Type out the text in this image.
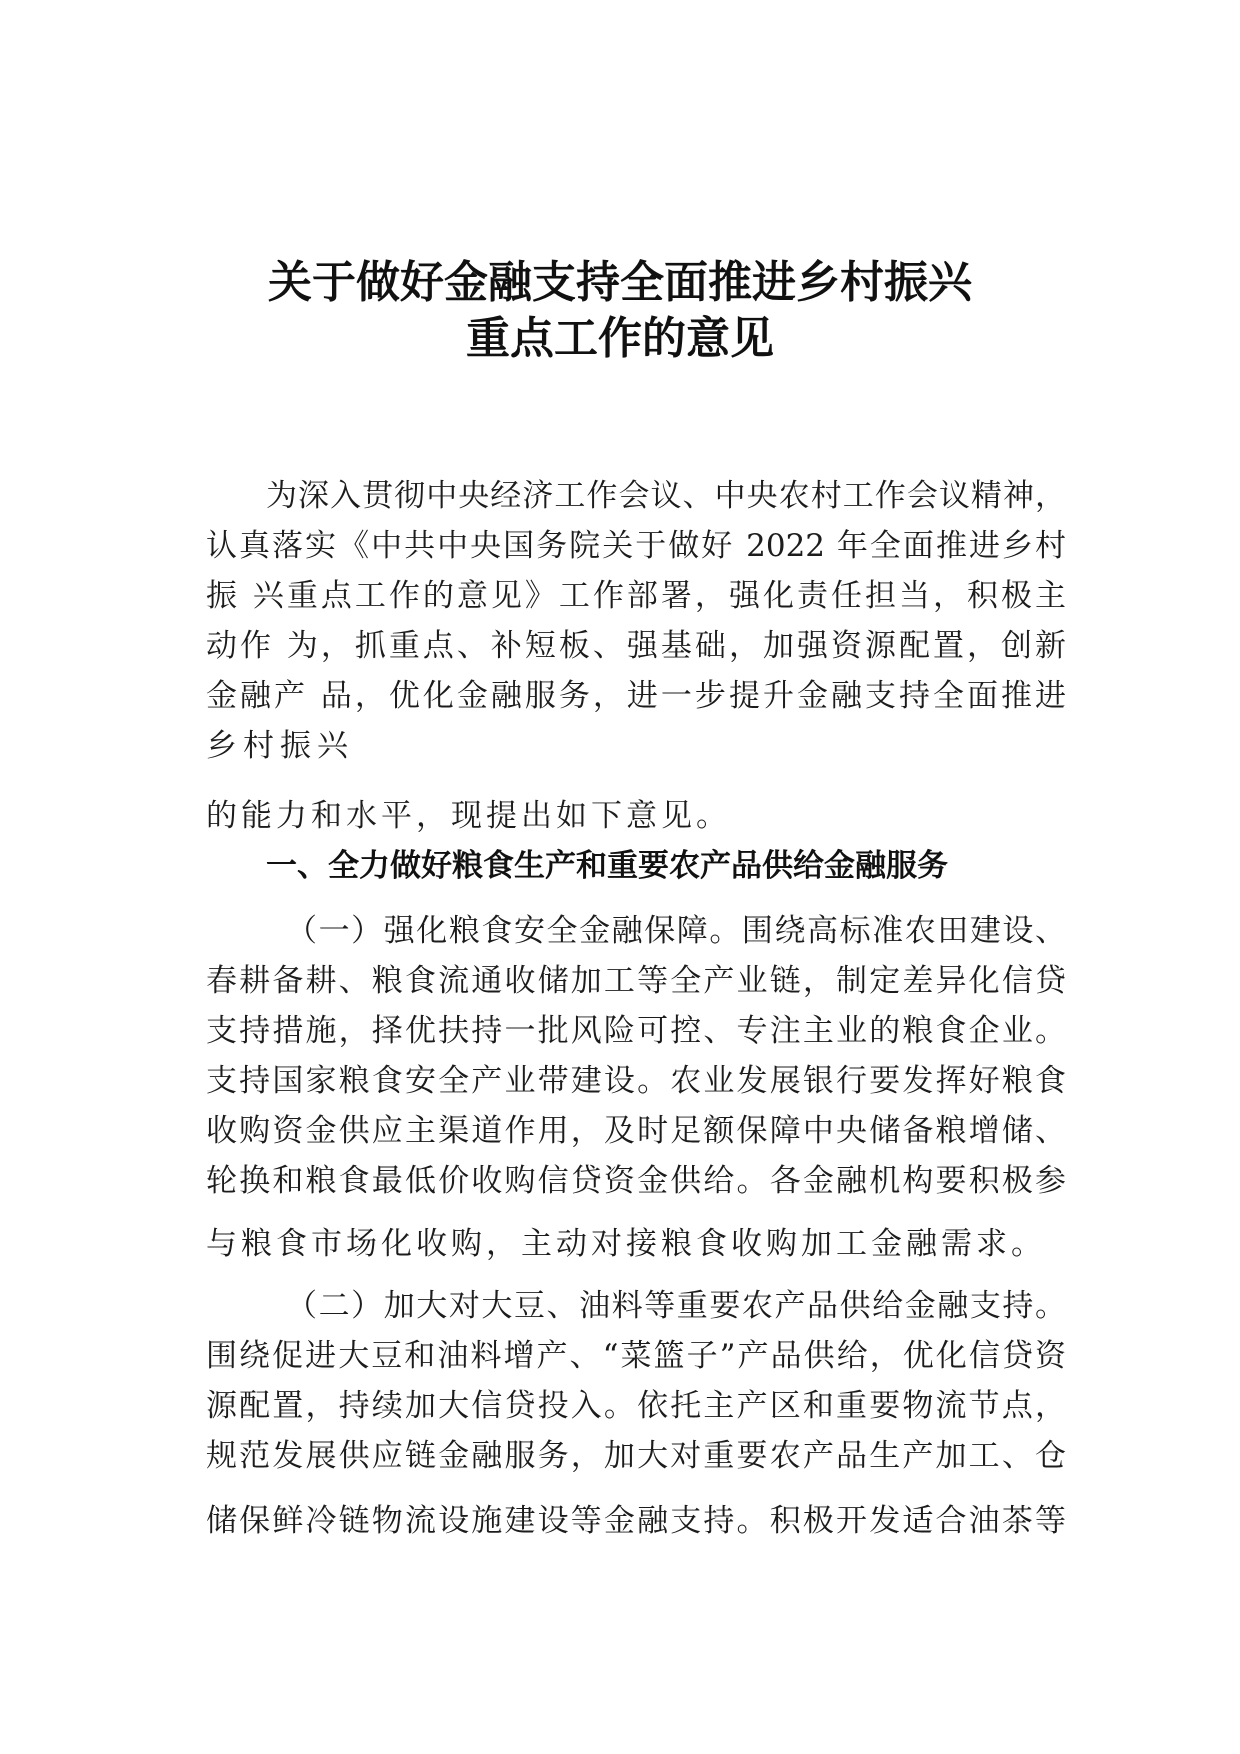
关于做好金融支持全面推进乡村振兴
重点工作的意见

为深入贯彻中央经济工作会议、中央农村工作会议精神，

认真落实《中共中央国务院关于做好 2022 年全面推进乡村

振 兴重点工作的意见》工作部署，强化责任担当，积极主

动作 为，抓重点、补短板、强基础，加强资源配置，创新

金融产 品，优化金融服务，进一步提升金融支持全面推进

乡村振兴

的能力和水平，现提出如下意见。

一、全力做好粮食生产和重要农产品供给金融服务

（一）强化粮食安全金融保障。围绕高标准农田建设、

春耕备耕、粮食流通收储加工等全产业链，制定差异化信贷

支持措施，择优扶持一批风险可控、专注主业的粮食企业。

支持国家粮食安全产业带建设。农业发展银行要发挥好粮食

收购资金供应主渠道作用，及时足额保障中央储备粮增储、

轮换和粮食最低价收购信贷资金供给。各金融机构要积极参

与粮食市场化收购，主动对接粮食收购加工金融需求。

（二）加大对大豆、油料等重要农产品供给金融支持。

围绕促进大豆和油料增产、“菜篮子”产品供给，优化信贷资

源配置，持续加大信贷投入。依托主产区和重要物流节点，

规范发展供应链金融服务，加大对重要农产品生产加工、仓

储保鲜冷链物流设施建设等金融支持。积极开发适合油茶等
